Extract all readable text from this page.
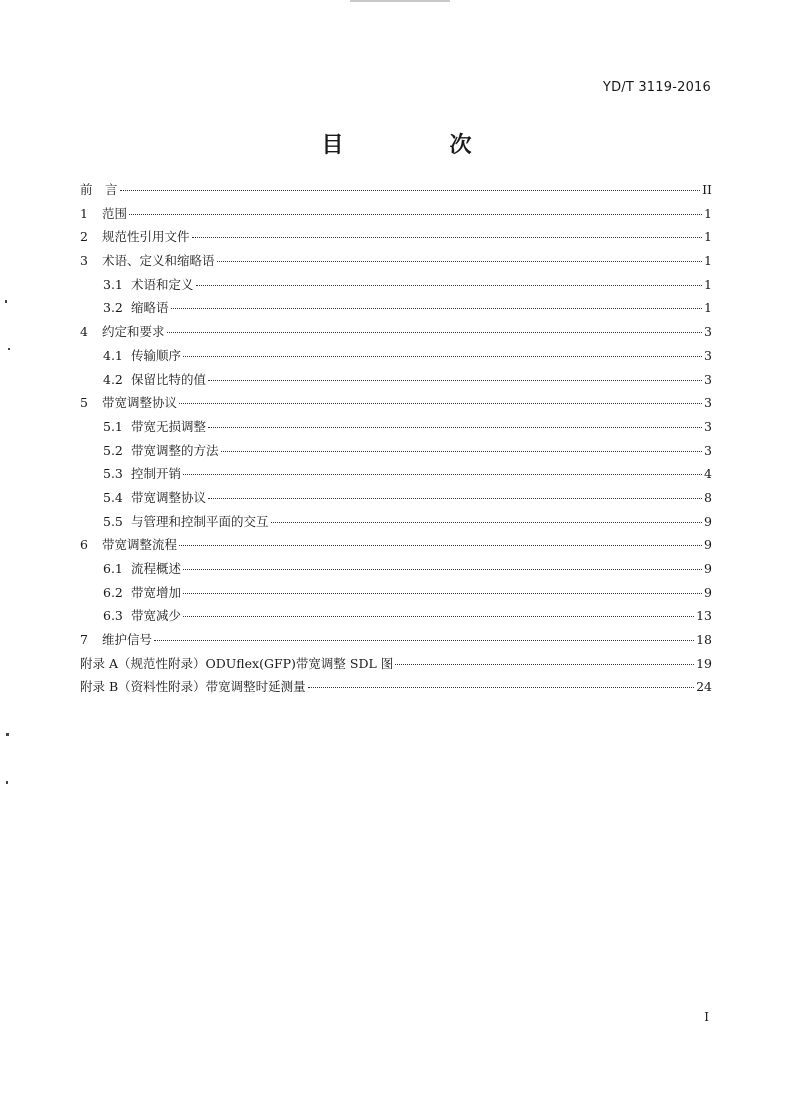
YD/T 3119-2016
目　次
前　言	II
1	范围	1
2	规范性引用文件	1
3	术语、定义和缩略语	1
3.1 术语和定义	1
3.2 缩略语	1
4	约定和要求	3
4.1 传输顺序	3
4.2 保留比特的值	3
5	带宽调整协议	3
5.1 带宽无损调整	3
5.2 带宽调整的方法	3
5.3 控制开销	4
5.4 带宽调整协议	8
5.5 与管理和控制平面的交互	9
6	带宽调整流程	9
6.1 流程概述	9
6.2 带宽增加	9
6.3 带宽减少	13
7	维护信号	18
附录 A（规范性附录）ODUflex(GFP)带宽调整 SDL 图	19
附录 B（资料性附录）带宽调整时延测量	24
I
